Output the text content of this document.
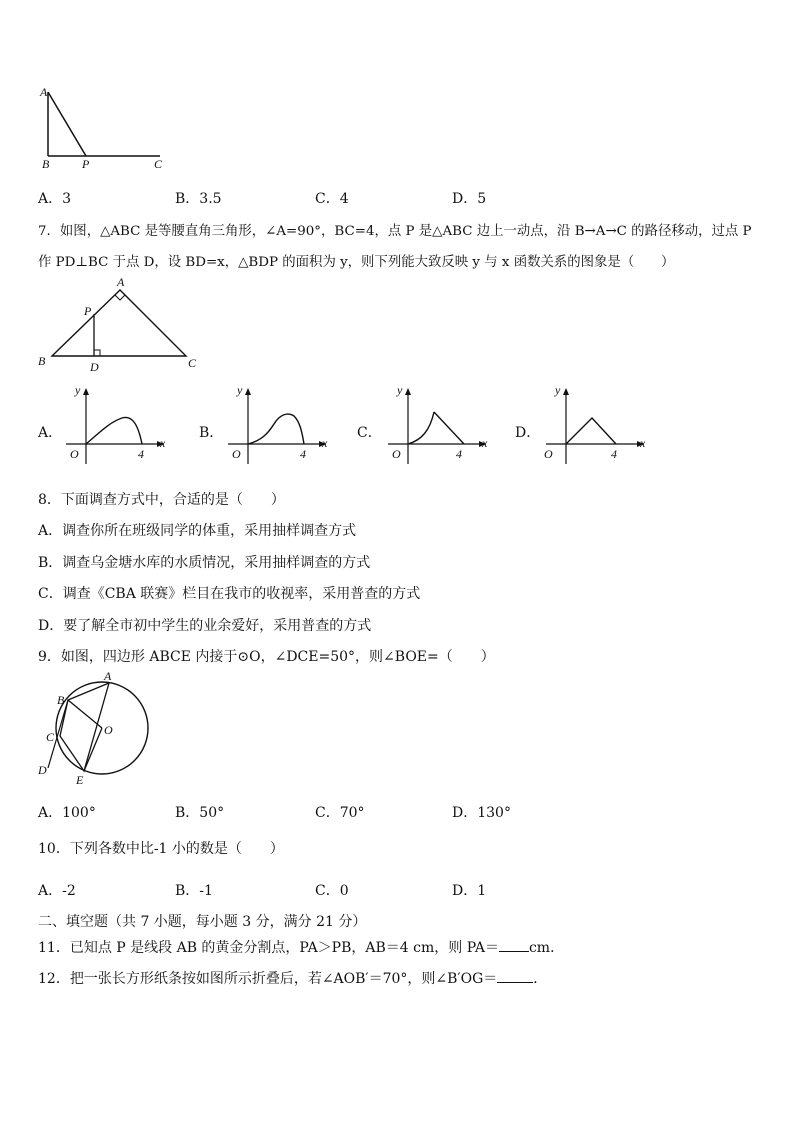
A
B	P	C
A．3	B．3.5	C．4	D．5
7．如图，△ABC 是等腰直角三角形，∠A=90°，BC=4，点 P 是△ABC 边上一动点，沿 B→A→C 的路径移动，过点 P
作 PD⊥BC 于点 D，设 BD=x，△BDP 的面积为 y，则下列能大致反映 y 与 x 函数关系的图象是（　　）
A
P
B	D	C
A．	B．	C．	D．
y
x
O	4
y
x
O	4
y
x
O	4
y
x
O	4
8．下面调查方式中，合适的是（　　）
A．调查你所在班级同学的体重，采用抽样调查方式
B．调查乌金塘水库的水质情况，采用抽样调查的方式
C．调查《CBA 联赛》栏目在我市的收视率，采用普查的方式
D．要了解全市初中学生的业余爱好，采用普查的方式
9．如图，四边形 ABCE 内接于⊙O，∠DCE=50°，则∠BOE=（　　）
A
B
O
C
D
E
A．100°	B．50°	C．70°	D．130°
10．下列各数中比-1 小的数是（　　）
A．-2	B．-1	C．0	D．1
二、填空题（共 7 小题，每小题 3 分，满分 21 分）
11．已知点 P 是线段 AB 的黄金分割点，PA＞PB，AB＝4 cm，则 PA＝ cm．
12．把一张长方形纸条按如图所示折叠后，若∠AOB′＝70°，则∠B′OG＝	．
